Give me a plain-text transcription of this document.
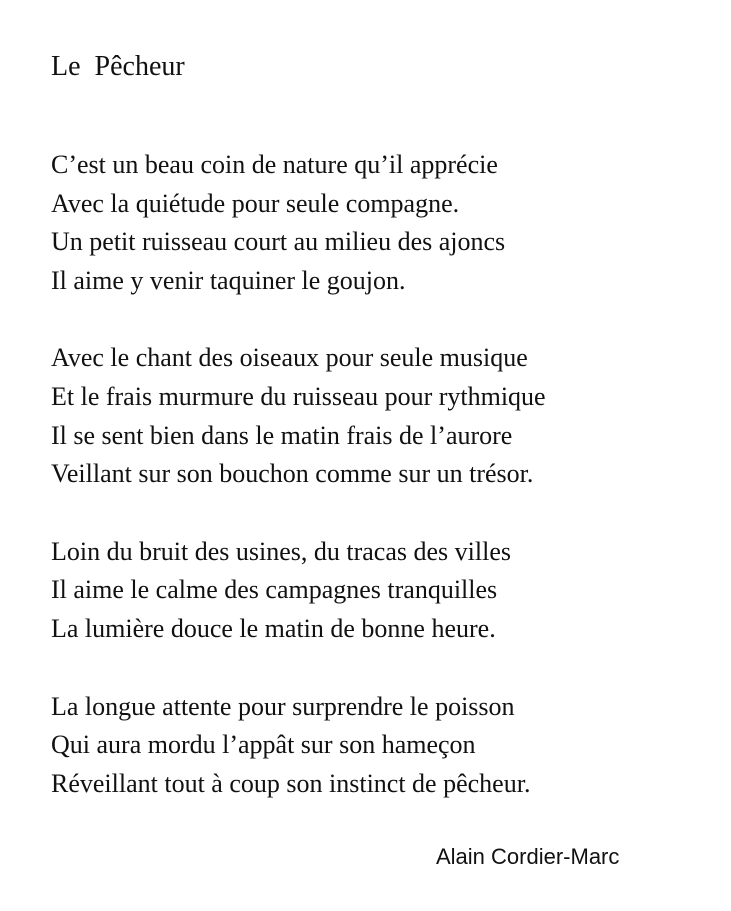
Le  Pêcheur
C’est un beau coin de nature qu’il apprécie
Avec la quiétude pour seule compagne.
Un petit ruisseau court au milieu des ajoncs
Il aime y venir taquiner le goujon.
Avec le chant des oiseaux pour seule musique
Et le frais murmure du ruisseau pour rythmique
Il se sent bien dans le matin frais de l’aurore
Veillant sur son bouchon comme sur un trésor.
Loin du bruit des usines, du tracas des villes
Il aime le calme des campagnes tranquilles
La lumière douce le matin de bonne heure.
La longue attente pour surprendre le poisson
Qui aura mordu l’appât sur son hameçon
Réveillant tout à coup son instinct de pêcheur.
Alain Cordier-Marc
